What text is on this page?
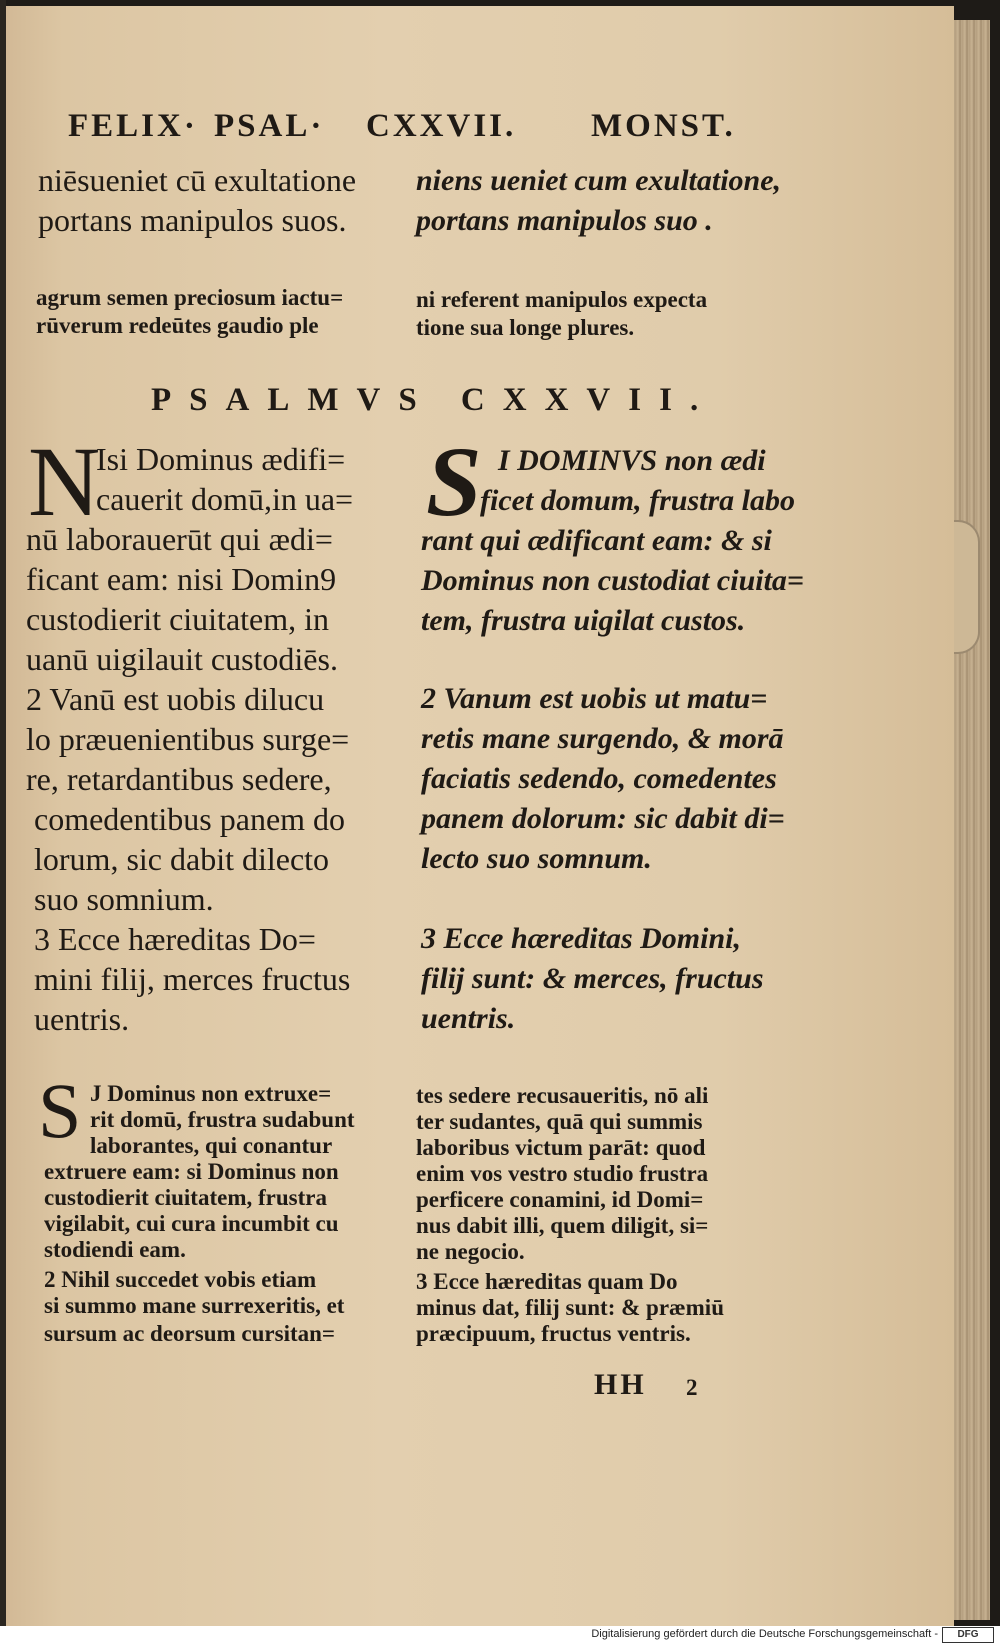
FELIX· PSAL· CXXVII. MONST.
niēsueniet cū exultatione
portans manipulos suos.
niens ueniet cum exultatione,
portans manipulos suo .
agrum semen preciosum iactu=
rūverum redeūtes gaudio ple
ni referent manipulos expecta
tione sua longe plures.
PSALMVS CXXVII.
N
Isi Dominus ædifi=
cauerit domū,in ua=
nū laborauerūt qui ædi=
ficant eam: nisi Domin9
custodierit ciuitatem, in
uanū uigilauit custodiēs.
2 Vanū est uobis dilucu
lo præuenientibus surge=
re, retardantibus sedere,
comedentibus panem do
lorum, sic dabit dilecto
suo somnium.
3 Ecce hæreditas Do=
mini filij, merces fructus
uentris.
S I DOMINVS non ædi
ficet domum, frustra labo
rant qui ædificant eam: & si
Dominus non custodiat ciuita=
tem, frustra uigilat custos.
2 Vanum est uobis ut matu=
retis mane surgendo, & morā
faciatis sedendo, comedentes
panem dolorum: sic dabit di=
lecto suo somnum.
3 Ecce hæreditas Domini,
filij sunt: & merces, fructus
uentris.
S J Dominus non extruxe=
rit domū, frustra sudabunt
laborantes, qui conantur
extruere eam: si Dominus non
custodierit ciuitatem, frustra
vigilabit, cui cura incumbit cu
stodiendi eam.
2 Nihil succedet vobis etiam
si summo mane surrexeritis, et
sursum ac deorsum cursitan=
tes sedere recusaueritis, nō ali
ter sudantes, quā qui summis
laboribus victum parāt: quod
enim vos vestro studio frustra
perficere conamini, id Domi=
nus dabit illi, quem diligit, si=
ne negocio.
3 Ecce hæreditas quam Do
minus dat, filij sunt: & præmiū
præcipuum, fructus ventris.
HH 2
Digitalisierung gefördert durch die Deutsche Forschungsgemeinschaft -	DFG
